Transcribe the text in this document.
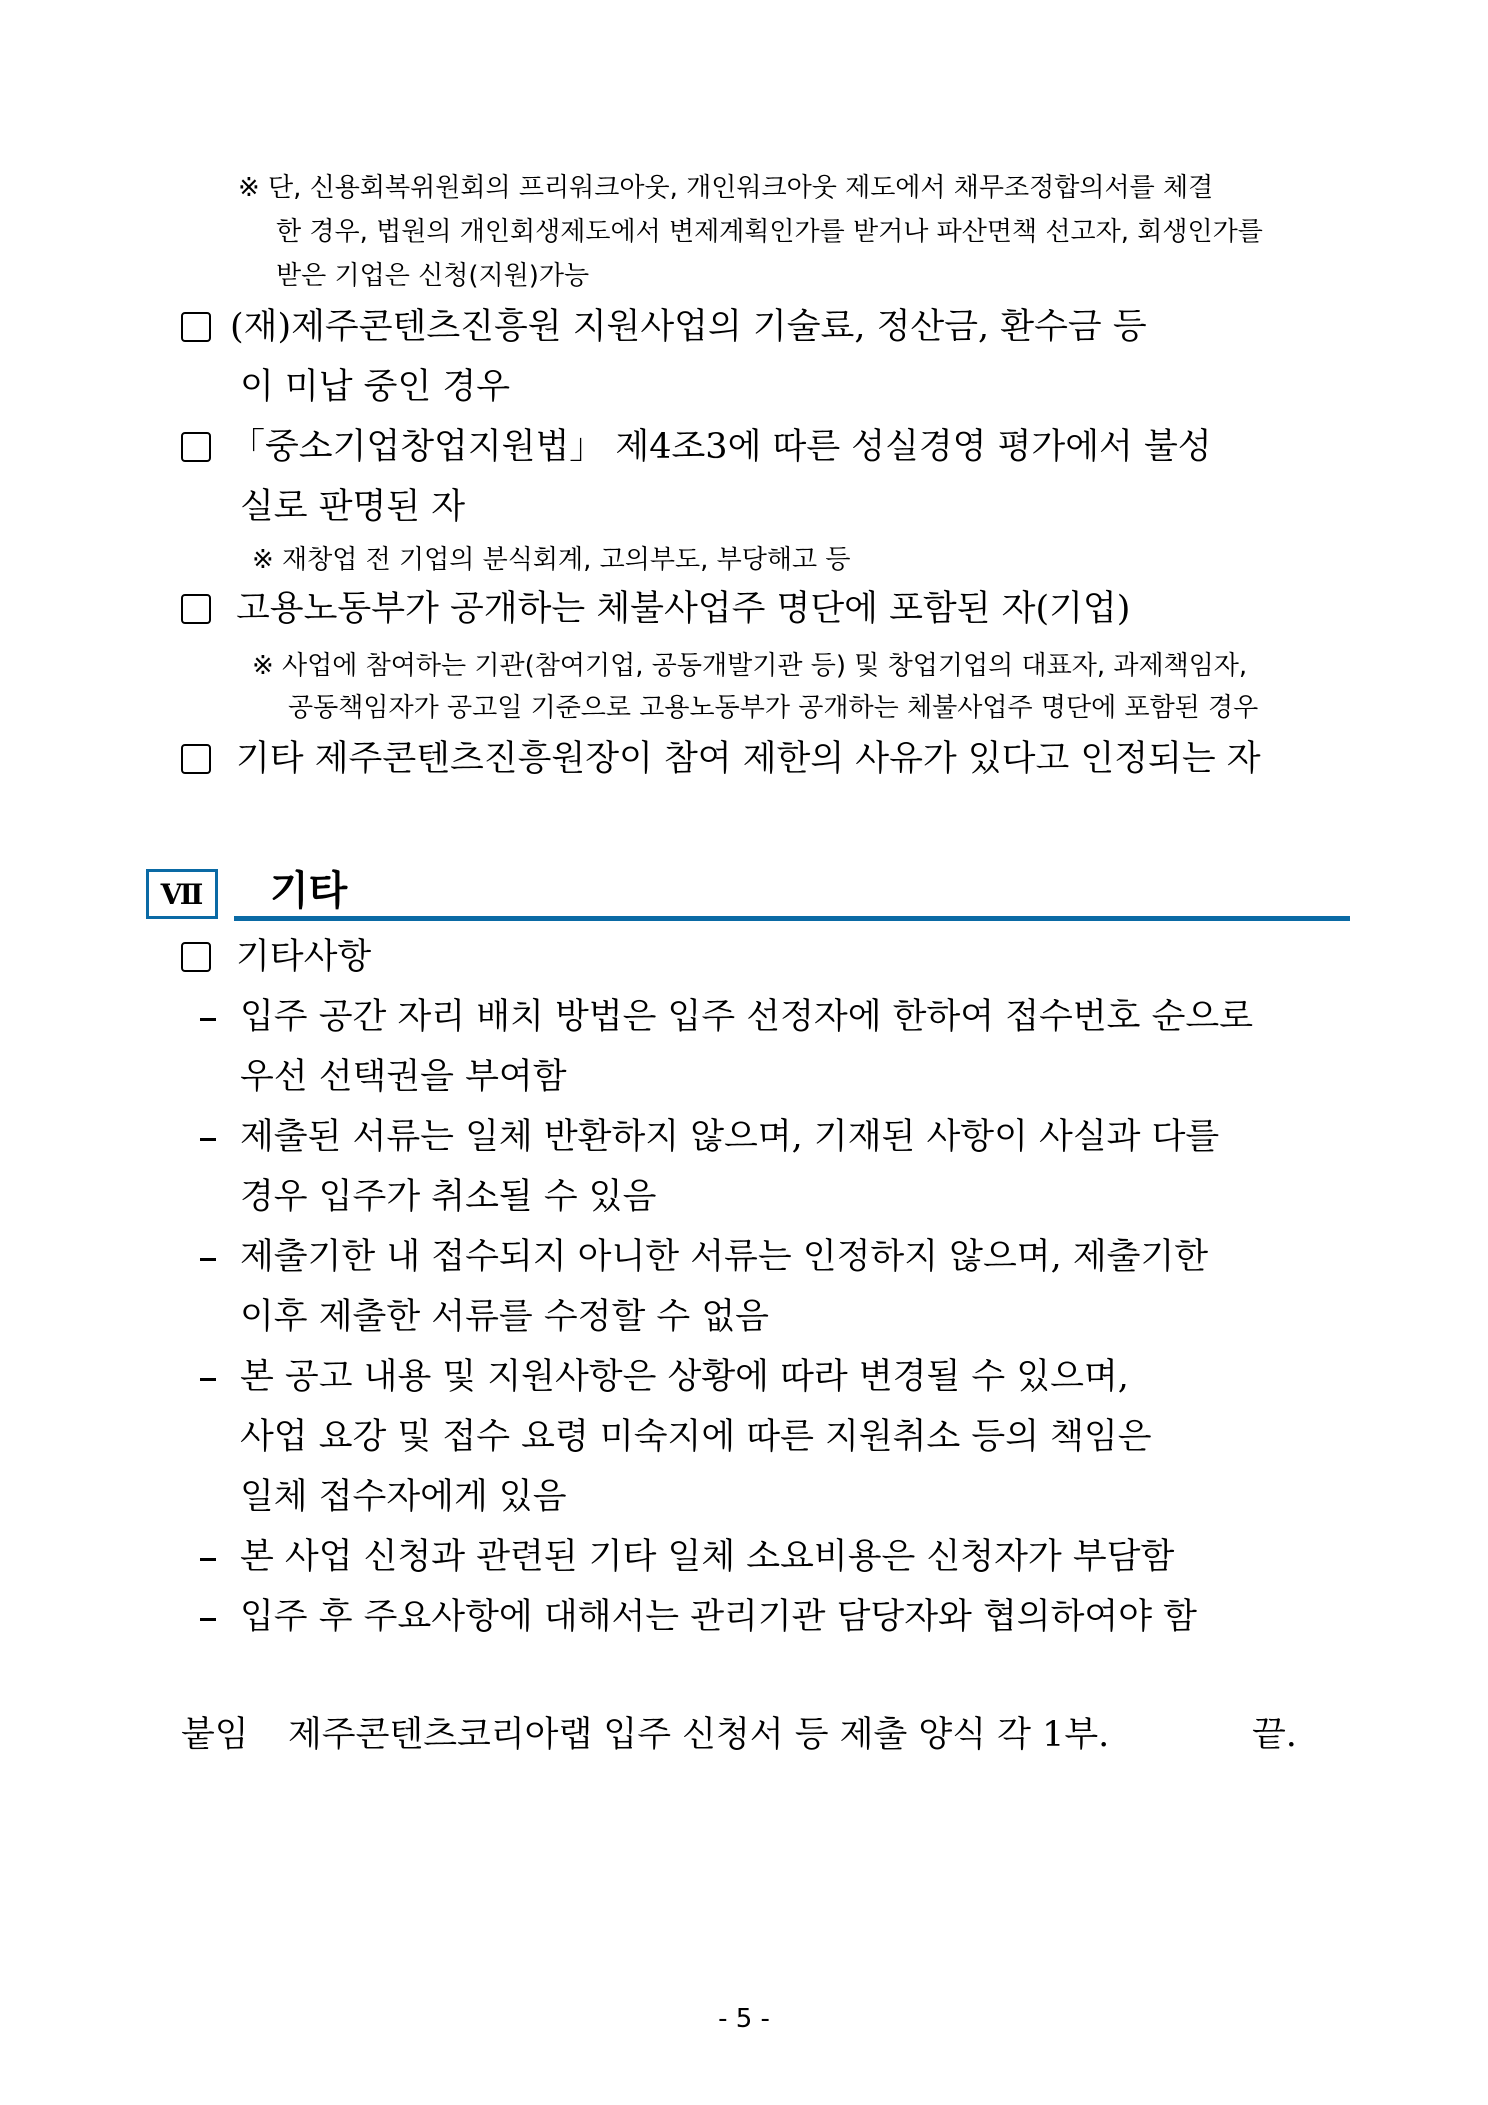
※ 단, 신용회복위원회의 프리워크아웃, 개인워크아웃 제도에서 채무조정합의서를 체결
한 경우, 법원의 개인회생제도에서 변제계획인가를 받거나 파산면책 선고자, 회생인가를
받은 기업은 신청(지원)가능
(재)제주콘텐츠진흥원 지원사업의 기술료, 정산금, 환수금 등
이 미납 중인 경우
「중소기업창업지원법」 제4조3에 따른 성실경영 평가에서 불성
실로 판명된 자
※ 재창업 전 기업의 분식회계, 고의부도, 부당해고 등
고용노동부가 공개하는 체불사업주 명단에 포함된 자(기업)
※ 사업에 참여하는 기관(참여기업, 공동개발기관 등) 및 창업기업의 대표자, 과제책임자,
공동책임자가 공고일 기준으로 고용노동부가 공개하는 체불사업주 명단에 포함된 경우
기타 제주콘텐츠진흥원장이 참여 제한의 사유가 있다고 인정되는 자
Ⅶ 기타
기타사항
입주 공간 자리 배치 방법은 입주 선정자에 한하여 접수번호 순으로
우선 선택권을 부여함
제출된 서류는 일체 반환하지 않으며, 기재된 사항이 사실과 다를
경우 입주가 취소될 수 있음
제출기한 내 접수되지 아니한 서류는 인정하지 않으며, 제출기한
이후 제출한 서류를 수정할 수 없음
본 공고 내용 및 지원사항은 상황에 따라 변경될 수 있으며,
사업 요강 및 접수 요령 미숙지에 따른 지원취소 등의 책임은
일체 접수자에게 있음
본 사업 신청과 관련된 기타 일체 소요비용은 신청자가 부담함
입주 후 주요사항에 대해서는 관리기관 담당자와 협의하여야 함
붙임 제주콘텐츠코리아랩 입주 신청서 등 제출 양식 각 1부.	끝.
- 5 -
